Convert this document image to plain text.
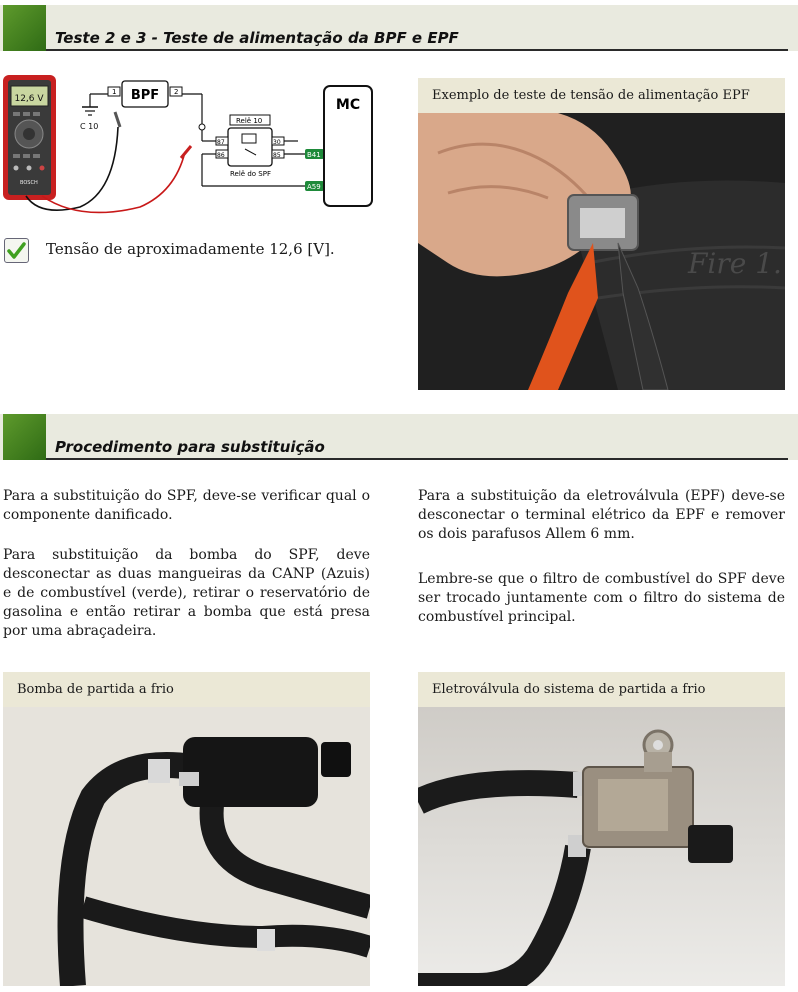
Teste 2 e 3 - Teste de alimentação da BPF e EPF
12,6 V
BOSCH
C 10
1 BPF 2
Relê 10
87
86
30
85
Relê do SPF
B41
A59
MC
Tensão de aproximadamente 12,6 [V].
Exemplo de teste de tensão de alimentação EPF
Fire 1.
Procedimento para substituição

Para a substituição do SPF, deve-se verificar qual o componente danificado.

Para substituição da bomba do SPF, deve desconectar as duas mangueiras da CANP (Azuis) e de combustível (verde), retirar o reservatório de gasolina e então retirar a bomba que está presa por uma abraçadeira.

Para a substituição da eletroválvula (EPF) deve-se desconectar o terminal elétrico da EPF e remover os dois parafusos Allem 6 mm.

Lembre-se que o filtro de combustível do SPF deve ser trocado juntamente com o filtro do sistema de combustível principal.

Bomba de partida a frio	Eletroválvula do sistema de partida a frio
